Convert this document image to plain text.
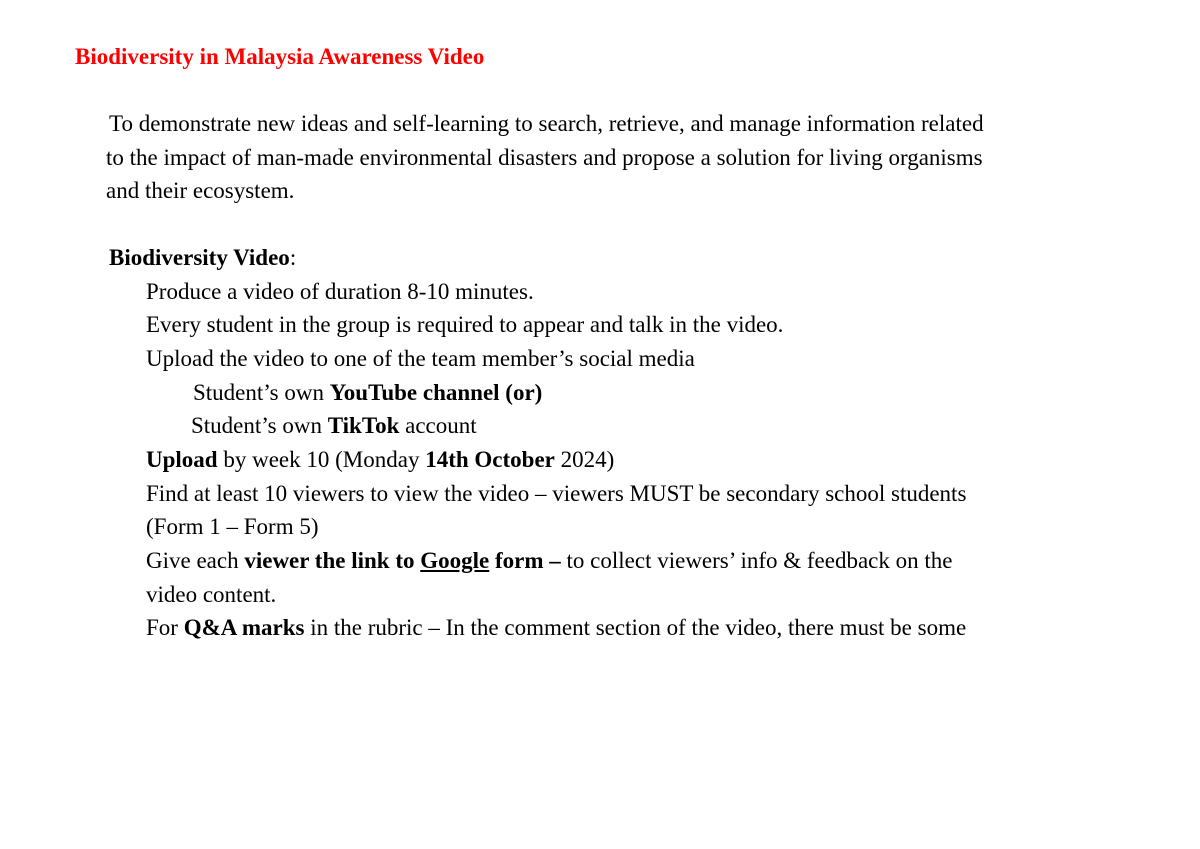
Biodiversity in Malaysia Awareness Video
To demonstrate new ideas and self-learning to search, retrieve, and manage information related
to the impact of man-made environmental disasters and propose a solution for living organisms
and their ecosystem.
Biodiversity Video:
Produce a video of duration 8-10 minutes.
Every student in the group is required to appear and talk in the video.
Upload the video to one of the team member’s social media
Student’s own YouTube channel (or)
Student’s own TikTok account
Upload by week 10 (Monday 14th October 2024)
Find at least 10 viewers to view the video – viewers MUST be secondary school students
(Form 1 – Form 5)
Give each viewer the link to Google form – to collect viewers’ info & feedback on the
video content.
For Q&A marks in the rubric – In the comment section of the video, there must be some
